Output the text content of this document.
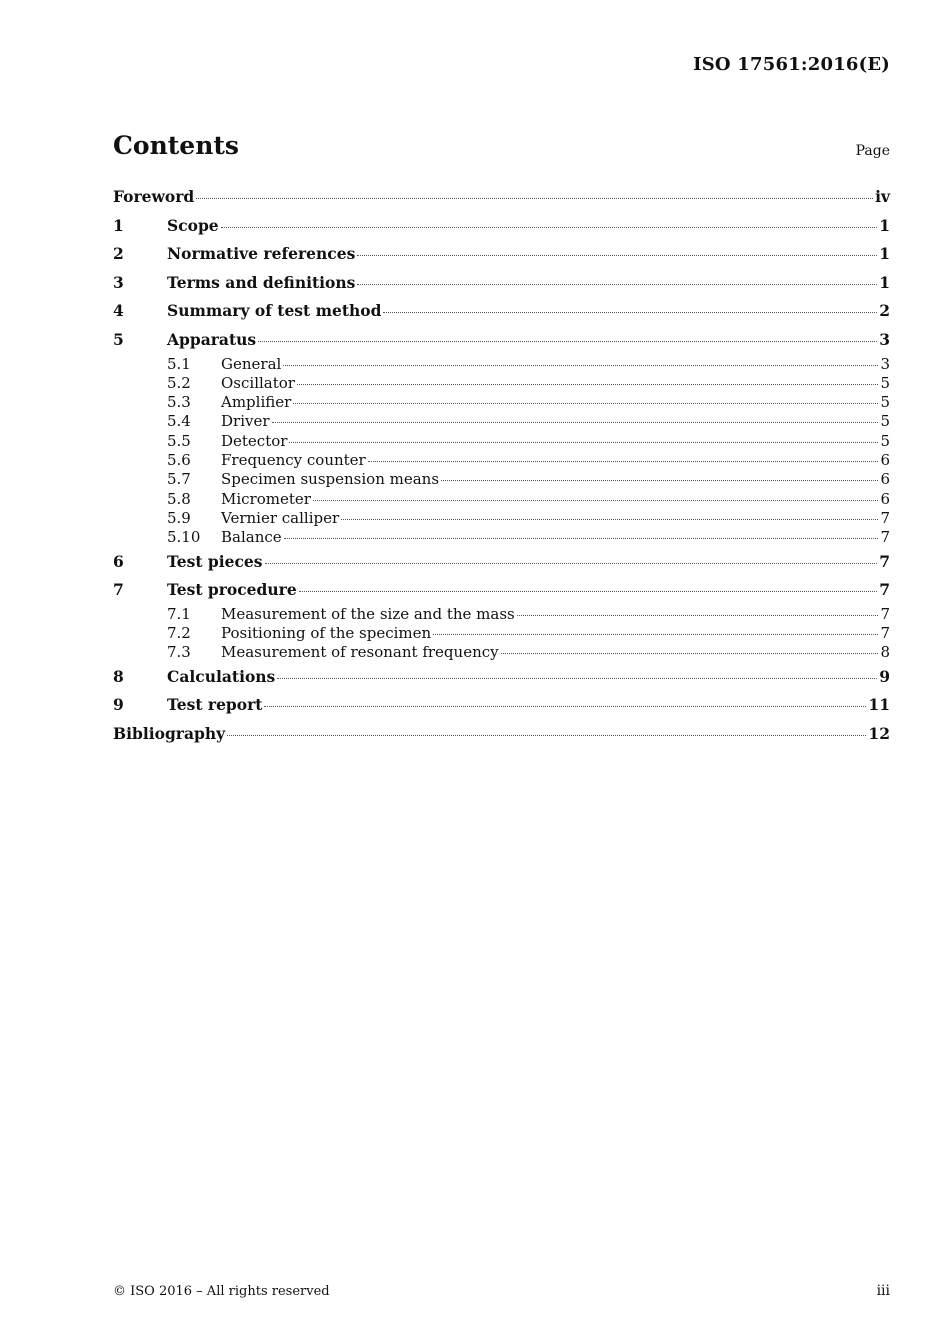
ISO 17561:2016(E)
Contents	Page
Foreword	iv
1	Scope	1
2	Normative references	1
3	Terms and definitions	1
4	Summary of test method	2
5	Apparatus	3
5.1	General	3
5.2	Oscillator	5
5.3	Amplifier	5
5.4	Driver	5
5.5	Detector	5
5.6	Frequency counter	6
5.7	Specimen suspension means	6
5.8	Micrometer	6
5.9	Vernier calliper	7
5.10	Balance	7
6	Test pieces	7
7	Test procedure	7
7.1	Measurement of the size and the mass	7
7.2	Positioning of the specimen	7
7.3	Measurement of resonant frequency	8
8	Calculations	9
9	Test report	11
Bibliography	12
© ISO 2016 – All rights reserved	iii
